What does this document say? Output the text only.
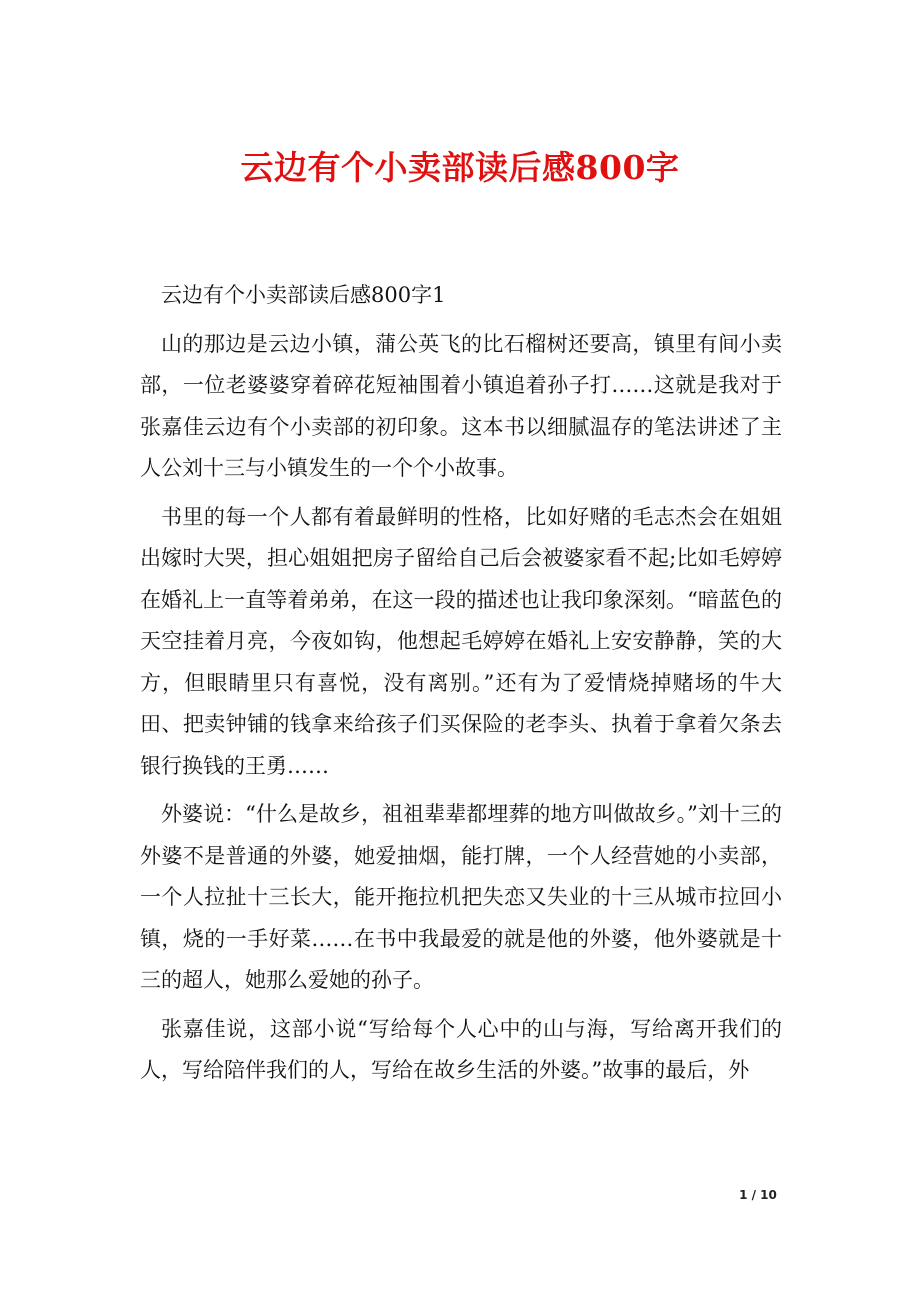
云边有个小卖部读后感800字

云边有个小卖部读后感800字1

山的那边是云边小镇，蒲公英飞的比石榴树还要高，镇里有间小卖部，一位老婆婆穿着碎花短袖围着小镇追着孙子打……这就是我对于张嘉佳云边有个小卖部的初印象。这本书以细腻温存的笔法讲述了主人公刘十三与小镇发生的一个个小故事。

书里的每一个人都有着最鲜明的性格，比如好赌的毛志杰会在姐姐出嫁时大哭，担心姐姐把房子留给自己后会被婆家看不起;比如毛婷婷在婚礼上一直等着弟弟，在这一段的描述也让我印象深刻。“暗蓝色的天空挂着月亮，今夜如钩，他想起毛婷婷在婚礼上安安静静，笑的大方，但眼睛里只有喜悦，没有离别。”还有为了爱情烧掉赌场的牛大田、把卖钟铺的钱拿来给孩子们买保险的老李头、执着于拿着欠条去银行换钱的王勇……

外婆说：“什么是故乡，祖祖辈辈都埋葬的地方叫做故乡。”刘十三的外婆不是普通的外婆，她爱抽烟，能打牌，一个人经营她的小卖部，一个人拉扯十三长大，能开拖拉机把失恋又失业的十三从城市拉回小镇，烧的一手好菜……在书中我最爱的就是他的外婆，他外婆就是十三的超人，她那么爱她的孙子。

张嘉佳说，这部小说“写给每个人心中的山与海，写给离开我们的人，写给陪伴我们的人，写给在故乡生活的外婆。”故事的最后，外

1 / 10
